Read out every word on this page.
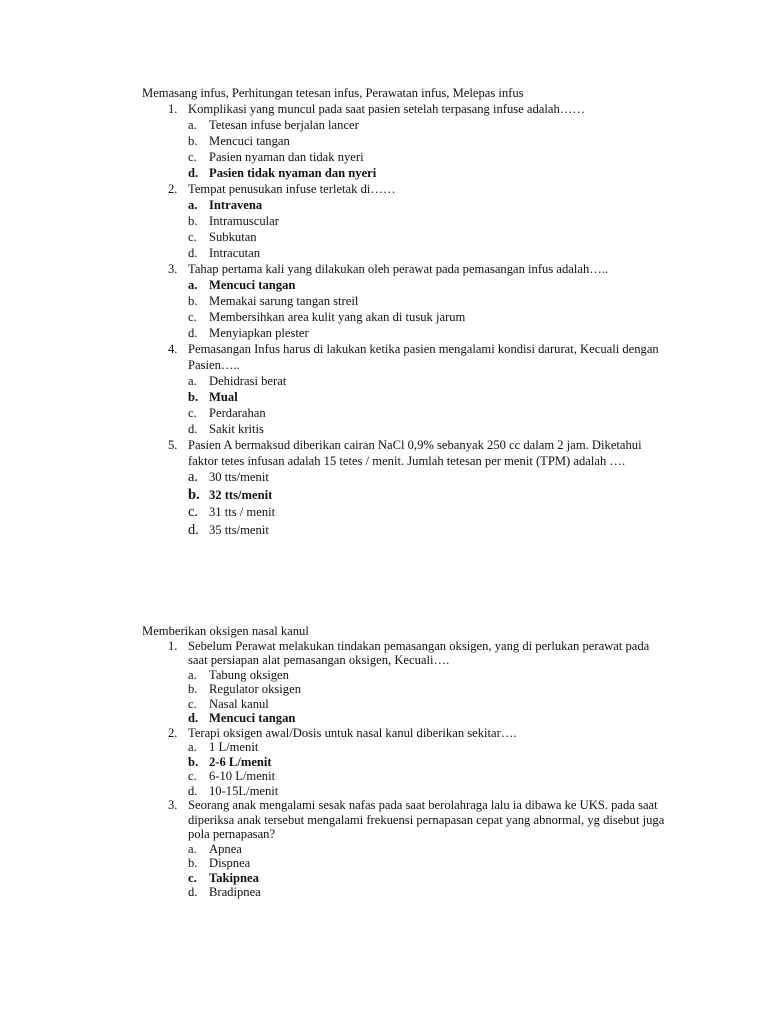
Memasang infus, Perhitungan tetesan infus, Perawatan infus, Melepas infus
1. Komplikasi yang muncul pada saat pasien setelah terpasang infuse adalah……
a. Tetesan infuse berjalan lancer
b. Mencuci tangan
c. Pasien nyaman dan tidak nyeri
d. Pasien tidak nyaman dan nyeri
2. Tempat penusukan infuse terletak di……
a. Intravena
b. Intramuscular
c. Subkutan
d. Intracutan
3. Tahap pertama kali yang dilakukan oleh perawat pada pemasangan infus adalah…..
a. Mencuci tangan
b. Memakai sarung tangan streil
c. Membersihkan area kulit yang akan di tusuk jarum
d. Menyiapkan plester
4. Pemasangan Infus harus di lakukan ketika pasien mengalami kondisi darurat, Kecuali dengan Pasien…..
a. Dehidrasi berat
b. Mual
c. Perdarahan
d. Sakit kritis
5. Pasien A bermaksud diberikan cairan NaCl 0,9% sebanyak 250 cc dalam 2 jam. Diketahui faktor tetes infusan adalah 15 tetes / menit. Jumlah tetesan per menit (TPM) adalah ….
a. 30 tts/menit
b. 32 tts/menit
c. 31 tts / menit
d. 35 tts/menit
Memberikan oksigen nasal kanul
1. Sebelum Perawat melakukan tindakan pemasangan oksigen, yang di perlukan perawat pada saat persiapan alat pemasangan oksigen, Kecuali….
a. Tabung oksigen
b. Regulator oksigen
c. Nasal kanul
d. Mencuci tangan
2. Terapi oksigen awal/Dosis untuk nasal kanul diberikan sekitar….
a. 1 L/menit
b. 2-6 L/menit
c. 6-10 L/menit
d. 10-15L/menit
3. Seorang anak mengalami sesak nafas pada saat berolahraga lalu ia dibawa ke UKS. pada saat diperiksa anak tersebut mengalami frekuensi pernapasan cepat yang abnormal, yg disebut juga pola pernapasan?
a. Apnea
b. Dispnea
c. Takipnea
d. Bradipnea
